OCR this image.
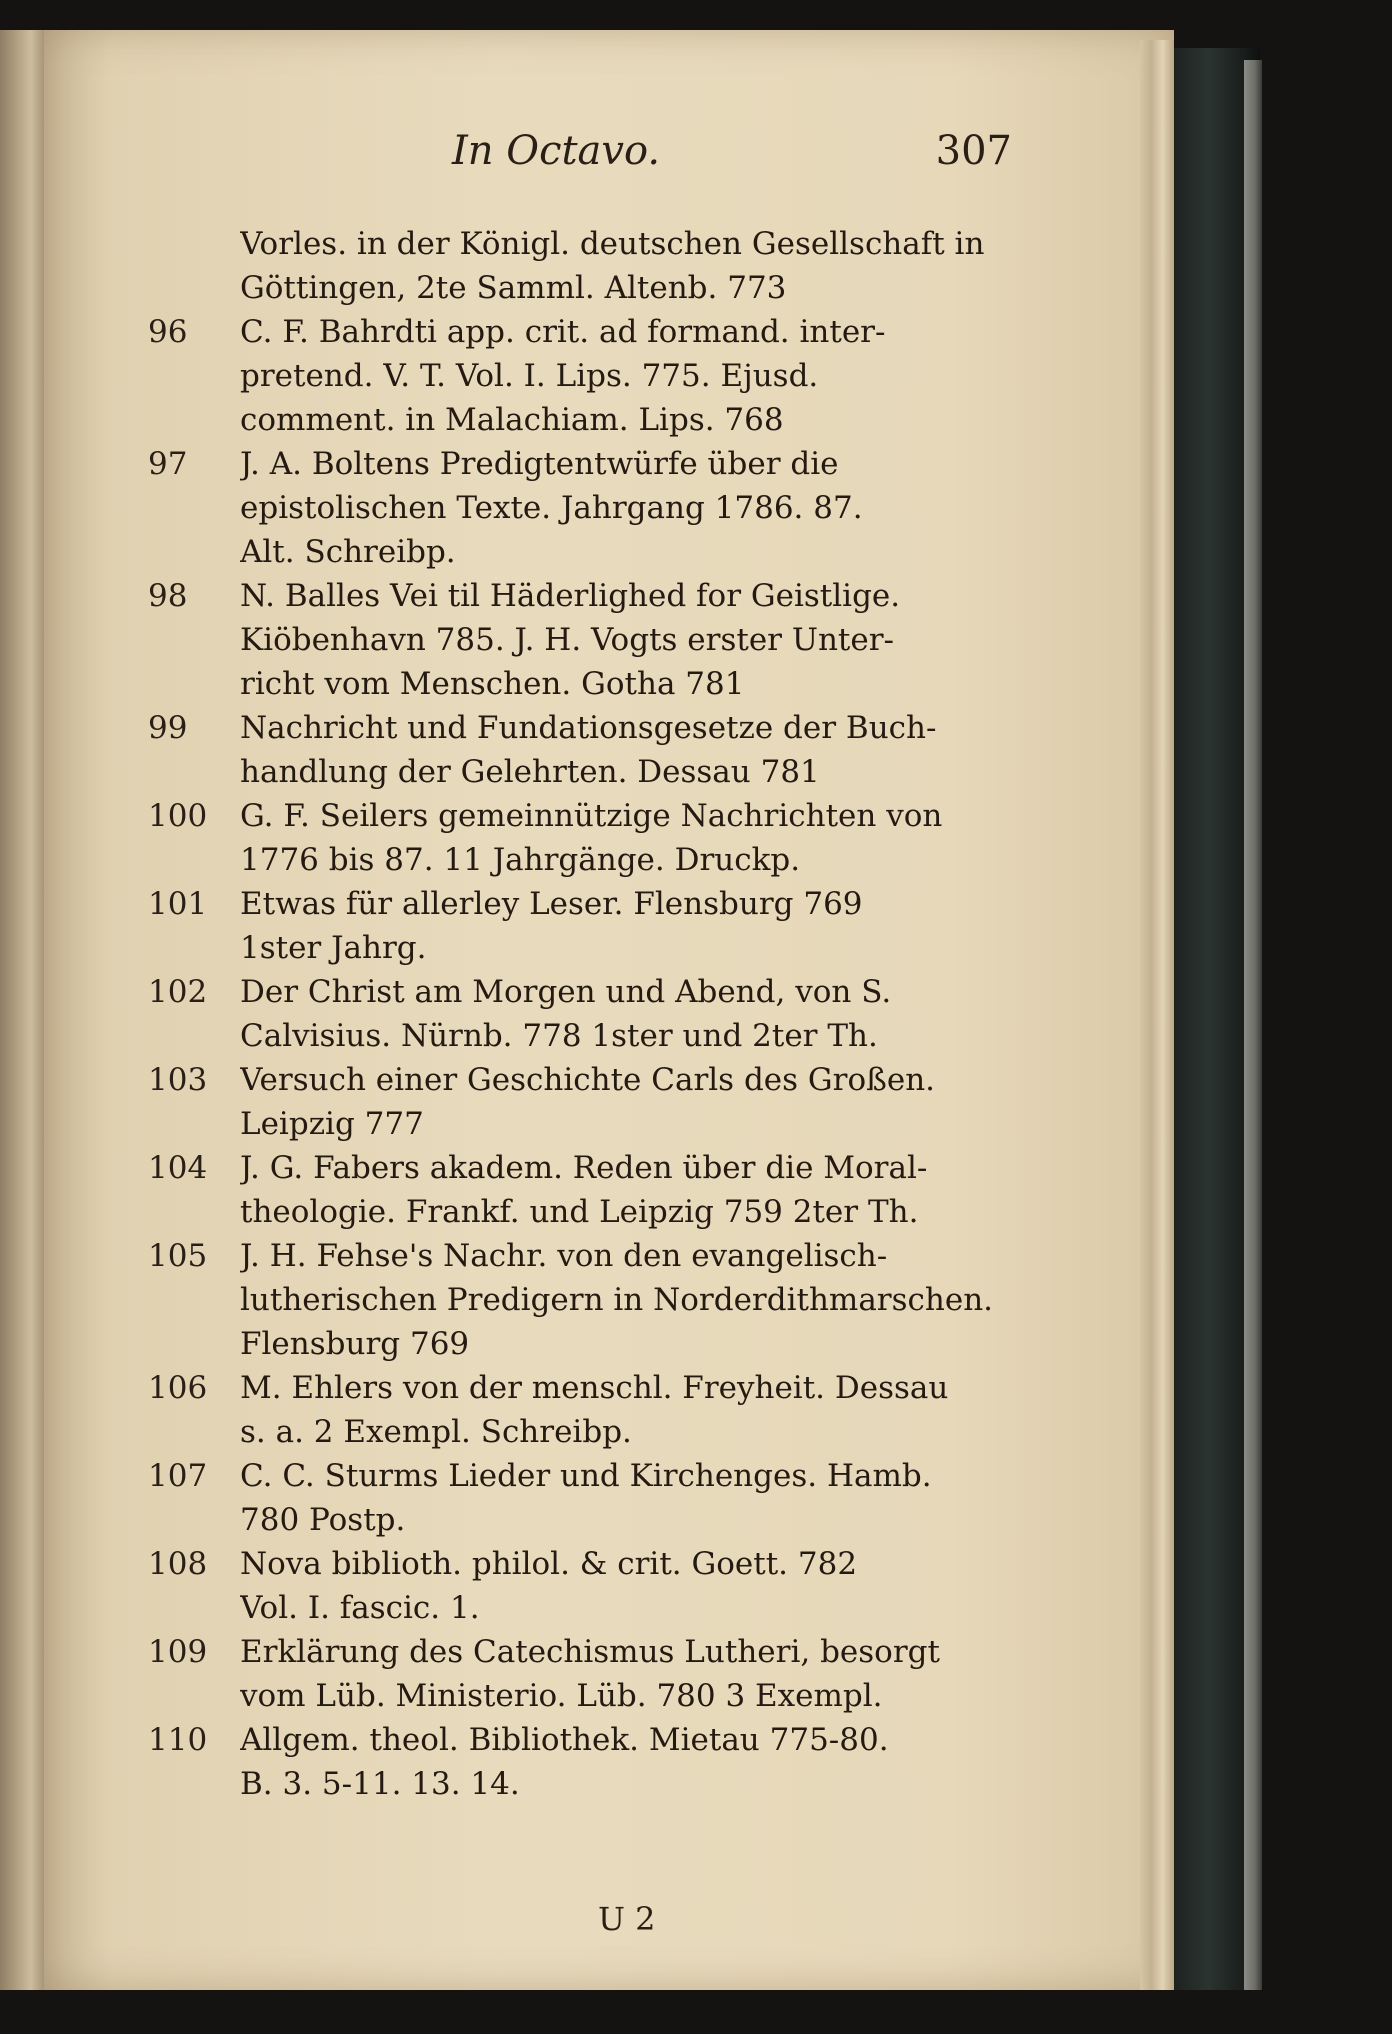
In Octavo.	307
Vorles. in der Königl. deutschen Gesellschaft in
Göttingen, 2te Samml. Altenb. 773
96	C. F. Bahrdti app. crit. ad formand. inter-
pretend. V. T. Vol. I. Lips. 775. Ejusd.
comment. in Malachiam. Lips. 768
97	J. A. Boltens Predigtentwürfe über die
epistolischen Texte. Jahrgang 1786. 87.
Alt. Schreibp.
98	N. Balles Vei til Häderlighed for Geistlige.
Kiöbenhavn 785. J. H. Vogts erster Unter-
richt vom Menschen. Gotha 781
99	Nachricht und Fundationsgesetze der Buch-
handlung der Gelehrten. Dessau 781
100	G. F. Seilers gemeinnützige Nachrichten von
1776 bis 87. 11 Jahrgänge. Druckp.
101	Etwas für allerley Leser. Flensburg 769
1ster Jahrg.
102	Der Christ am Morgen und Abend, von S.
Calvisius. Nürnb. 778 1ster und 2ter Th.
103	Versuch einer Geschichte Carls des Großen.
Leipzig 777
104	J. G. Fabers akadem. Reden über die Moral-
theologie. Frankf. und Leipzig 759 2ter Th.
105	J. H. Fehse's Nachr. von den evangelisch-
lutherischen Predigern in Norderdithmarschen.
Flensburg 769
106	M. Ehlers von der menschl. Freyheit. Dessau
s. a. 2 Exempl. Schreibp.
107	C. C. Sturms Lieder und Kirchenges. Hamb.
780 Postp.
108	Nova biblioth. philol. & crit. Goett. 782
Vol. I. fascic. 1.
109	Erklärung des Catechismus Lutheri, besorgt
vom Lüb. Ministerio. Lüb. 780 3 Exempl.
110	Allgem. theol. Bibliothek. Mietau 775-80.
B. 3. 5-11. 13. 14.
U 2
